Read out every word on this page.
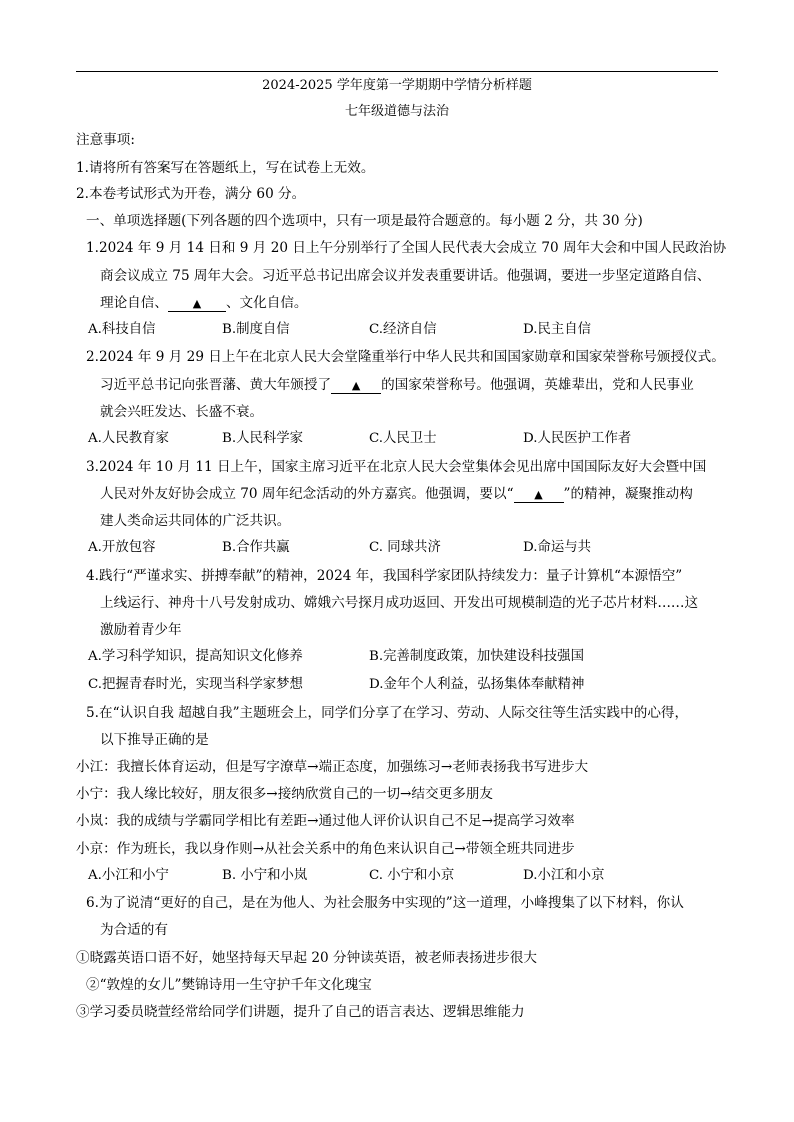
2024-2025 学年度第一学期期中学情分析样题
七年级道德与法治
注意事项:
1.请将所有答案写在答题纸上，写在试卷上无效。
2.本卷考试形式为开卷，满分 60 分。
一、单项选择题(下列各题的四个选项中，只有一项是最符合题意的。每小题 2 分，共 30 分)
1.2024 年 9 月 14 日和 9 月 20 日上午分别举行了全国人民代表大会成立 70 周年大会和中国人民政治协
商会议成立 75 周年大会。习近平总书记出席会议并发表重要讲话。他强调，要进一步坚定道路自信、
理论自信、 ▲ 、文化自信。
A.科技自信	B.制度自信	C.经济自信	D.民主自信
2.2024 年 9 月 29 日上午在北京人民大会堂隆重举行中华人民共和国国家勋章和国家荣誉称号颁授仪式。
习近平总书记向张晋藩、黄大年颁授了 ▲ 的国家荣誉称号。他强调，英雄辈出，党和人民事业
就会兴旺发达、长盛不衰。
A.人民教育家	B.人民科学家	C.人民卫士	D.人民医护工作者
3.2024 年 10 月 11 日上午，国家主席习近平在北京人民大会堂集体会见出席中国国际友好大会暨中国
人民对外友好协会成立 70 周年纪念活动的外方嘉宾。他强调，要以“ ▲ ”的精神，凝聚推动构
建人类命运共同体的广泛共识。
A.开放包容	B.合作共赢	C. 同球共济	D.命运与共
4.践行“严谨求实、拼搏奉献”的精神，2024 年，我国科学家团队持续发力：量子计算机“本源悟空”
上线运行、神舟十八号发射成功、嫦娥六号探月成功返回、开发出可规模制造的光子芯片材料……这
激励着青少年
A.学习科学知识，提高知识文化修养	B.完善制度政策，加快建设科技强国
C.把握青春时光，实现当科学家梦想	D.金年个人利益，弘扬集体奉献精神
5.在“认识自我 超越自我”主题班会上，同学们分享了在学习、劳动、人际交往等生活实践中的心得，
以下推导正确的是
小江：我擅长体育运动，但是写字潦草→端正态度，加强练习→老师表扬我书写进步大
小宁：我人缘比较好，朋友很多→接纳欣赏自己的一切→结交更多朋友
小岚：我的成绩与学霸同学相比有差距→通过他人评价认识自己不足→提高学习效率
小京：作为班长，我以身作则→从社会关系中的角色来认识自己→带领全班共同进步
A.小江和小宁	B. 小宁和小岚	C. 小宁和小京	D.小江和小京
6.为了说清“更好的自己，是在为他人、为社会服务中实现的”这一道理，小峰搜集了以下材料，你认
为合适的有
①晓露英语口语不好，她坚持每天早起 20 分钟读英语，被老师表扬进步很大
②“敦煌的女儿”樊锦诗用一生守护千年文化瑰宝
③学习委员晓萱经常给同学们讲题，提升了自己的语言表达、逻辑思维能力
